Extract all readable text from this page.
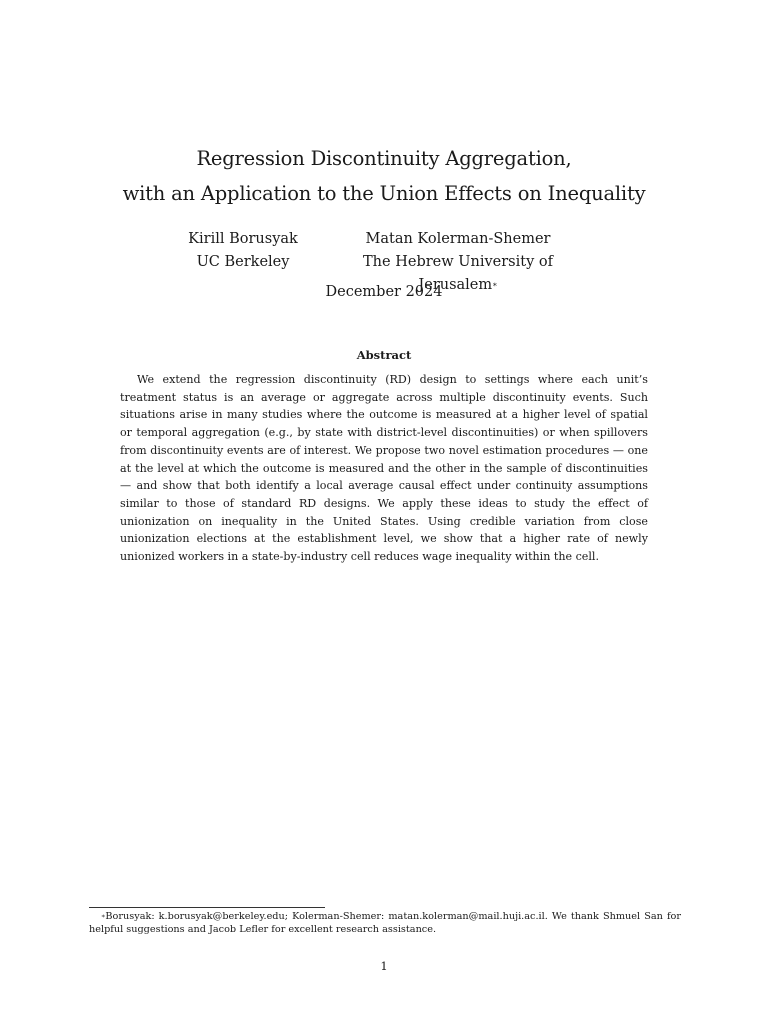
Regression Discontinuity Aggregation,
with an Application to the Union Effects on Inequality
Kirill Borusyak
UC Berkeley
Matan Kolerman-Shemer
The Hebrew University of Jerusalem∗
December 2024
Abstract
We extend the regression discontinuity (RD) design to settings where each unit’s treatment status is an average or aggregate across multiple discontinuity events. Such situations arise in many studies where the outcome is measured at a higher level of spatial or temporal aggregation (e.g., by state with district-level discontinuities) or when spillovers from discontinuity events are of interest. We propose two novel estimation procedures — one at the level at which the outcome is measured and the other in the sample of discontinuities — and show that both identify a local average causal effect under continuity assumptions similar to those of standard RD designs. We apply these ideas to study the effect of unionization on inequality in the United States. Using credible variation from close unionization elections at the establishment level, we show that a higher rate of newly unionized workers in a state-by-industry cell reduces wage inequality within the cell.
∗Borusyak: k.borusyak@berkeley.edu; Kolerman-Shemer: matan.kolerman@mail.huji.ac.il. We thank Shmuel San for helpful suggestions and Jacob Lefler for excellent research assistance.
1
